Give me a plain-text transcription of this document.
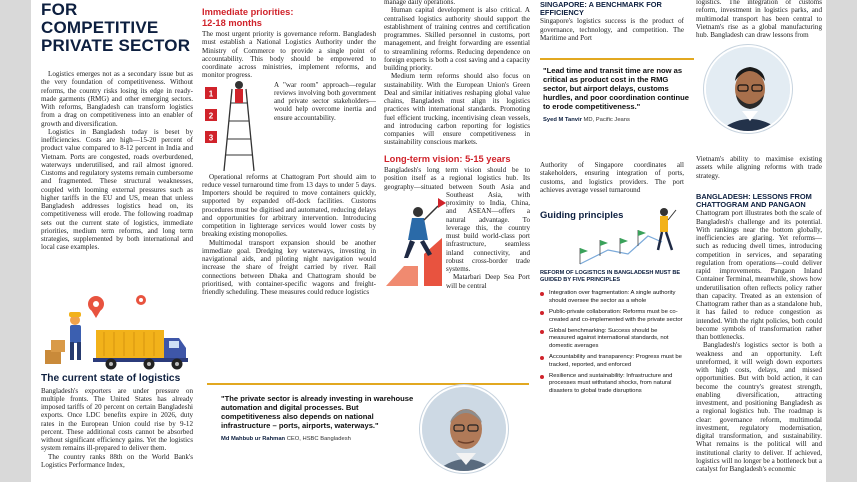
FOR COMPETITIVE
PRIVATE SECTOR

Logistics emerges not as a secondary issue but as the very foundation of competitiveness. Without reforms, the country risks losing its edge in ready-made garments (RMG) and other emerging sectors. With reforms, Bangladesh can transform logistics from a drag on competitiveness into an enabler of growth and diversification.

Logistics in Bangladesh today is beset by inefficiencies. Costs are high—15-20 percent of product value compared to 8-12 percent in India and Vietnam. Ports are congested, roads overburdened, waterways underutilised, and rail almost ignored. Customs and regulatory systems remain cumbersome and fragmented. These structural weaknesses, coupled with looming external pressures such as higher tariffs in the EU and US, mean that unless Bangladesh addresses logistics head on, its competitiveness will erode. The following roadmap sets out the current state of logistics, immediate priorities, medium term reforms, and long term strategies, supplemented by both international and local case examples.

The current state of logistics

Bangladesh's exporters are under pressure on multiple fronts. The United States has already imposed tariffs of 20 percent on certain Bangladeshi exports. Once LDC benefits expire in 2026, duty rates in the European Union could rise by 9-12 percent. These additional costs cannot be absorbed without significant efficiency gains. Yet the logistics system remains ill-prepared to deliver them.

The country ranks 88th on the World Bank's Logistics Performance Index,

Immediate priorities:
12-18 months

The most urgent priority is governance reform. Bangladesh must establish a National Logistics Authority under the Ministry of Commerce to provide a single point of accountability. This body should be empowered to coordinate across ministries, implement reforms, and monitor progress.

1
2
3

A "war room" approach—regular reviews involving both government and private sector stakeholders—would help overcome inertia and ensure accountability.

Operational reforms at Chattogram Port should aim to reduce vessel turnaround time from 13 days to under 5 days. Importers should be required to move containers quickly, supported by expanded off-dock facilities. Customs procedures must be digitised and automated, reducing delays and opportunities for arbitrary intervention. Introducing competition in lighterage services would lower costs by breaking existing monopolies.

Multimodal transport expansion should be another immediate goal. Dredging key waterways, investing in navigational aids, and piloting night navigation would increase the share of freight carried by river. Rail connections between Dhaka and Chattogram should be prioritised, with container-specific wagons and freight-friendly scheduling. These measures could reduce logistics

manage daily operations.

Human capital development is also critical. A centralised logistics authority should support the establishment of training centres and certification programmes. Skilled personnel in customs, port management, and freight forwarding are essential to streamlining reforms. Reducing dependence on foreign experts is both a cost saving and a capacity building priority.

Medium term reforms should also focus on sustainability. With the European Union's Green Deal and similar initiatives reshaping global value chains, Bangladesh must align its logistics practices with international standards. Promoting fuel efficient trucking, incentivising clean vessels, and introducing carbon reporting for logistics companies will ensure competitiveness in sustainability conscious markets.

Long-term vision: 5-15 years

Bangladesh's long term vision should be to position itself as a regional logistics hub. Its geography—situated between South Asia and Southeast Asia, with proximity to India, China, and ASEAN—offers a natural advantage. To leverage this, the country must build world-class port infrastructure, seamless inland connectivity, and robust cross-border trade systems.

Matarbari Deep Sea Port will be central

SINGAPORE: A BENCHMARK FOR EFFICIENCY

Singapore's logistics success is the product of governance, technology, and competition. The Maritime and Port

Authority of Singapore coordinates all stakeholders, ensuring integration of ports, customs, and logistics providers. The port achieves average vessel turnaround

Guiding principles
REFORM OF LOGISTICS IN BANGLADESH MUST BE GUIDED BY FIVE PRINCIPLES
Integration over fragmentation: A single authority should oversee the sector as a whole
Public-private collaboration: Reforms must be co-created and co-implemented with the private sector
Global benchmarking: Success should be measured against international standards, not domestic averages
Accountability and transparency: Progress must be tracked, reported, and enforced
Resilience and sustainability: Infrastructure and processes must withstand shocks, from natural disasters to global trade disruptions

logistics. The integration of customs reform, investment in logistics parks, and multimodal transport has been central to Vietnam's rise as a global manufacturing hub. Bangladesh can draw lessons from

Vietnam's ability to maximise existing assets while aligning reforms with trade strategy.

BANGLADESH: LESSONS FROM CHATTOGRAM AND PANGAON

Chattogram port illustrates both the scale of Bangladesh's challenge and its potential. With rankings near the bottom globally, inefficiencies are glaring. Yet reforms—such as reducing dwell times, introducing competition in services, and separating regulation from operations—could deliver rapid improvements. Pangaon Inland Container Terminal, meanwhile, shows how underutilisation often reflects policy rather than capacity. Treated as an extension of Chattogram rather than as a standalone hub, it has failed to reduce congestion as intended. With the right policies, both could become symbols of transformation rather than bottlenecks.

Bangladesh's logistics sector is both a weakness and an opportunity. Left unreformed, it will weigh down exporters with high costs, delays, and missed opportunities. But with bold action, it can become the country's greatest strength, enabling diversification, attracting investment, and positioning Bangladesh as a regional logistics hub. The roadmap is clear: governance reform, multimodal investment, regulatory modernisation, digital transformation, and sustainability. What remains is the political will and institutional clarity to deliver. If achieved, logistics will no longer be a bottleneck but a catalyst for Bangladesh's economic

"The private sector is already investing in warehouse automation and digital processes. But competitiveness also depends on national infrastructure – ports, airports, waterways."
Md Mahbub ur Rahman CEO, HSBC Bangladesh
"Lead time and transit time are now as critical as product cost in the RMG sector, but airport delays, customs hurdles, and poor coordination continue to erode competitiveness."
Syed M Tanvir MD, Pacific Jeans
